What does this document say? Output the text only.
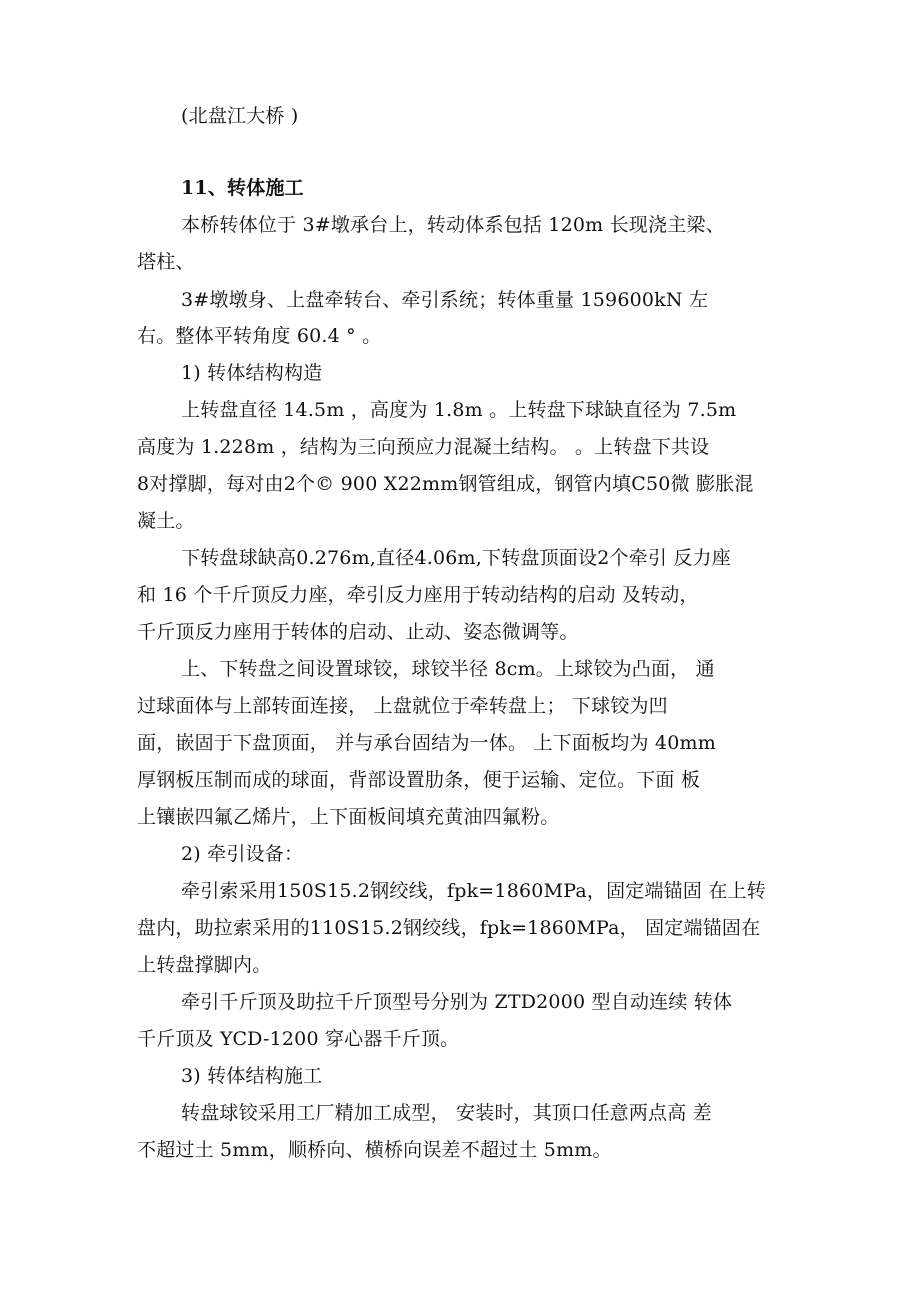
(北盘江大桥 )
11、转体施工
本桥转体位于 3#墩承台上，转动体系包括 120m 长现浇主梁、
塔柱、
3#墩墩身、上盘牵转台、牵引系统；转体重量 159600kN 左
右。整体平转角度 60.4 ° 。
1) 转体结构构造
上转盘直径 14.5m ，高度为 1.8m 。上转盘下球缺直径为 7.5m
高度为 1.228m ，结构为三向预应力混凝土结构。 。上转盘下共设
8对撑脚，每对由2个© 900 X22mm钢管组成，钢管内填C50微 膨胀混
凝土。
下转盘球缺高0.276m,直径4.06m,下转盘顶面设2个牵引 反力座
和 16 个千斤顶反力座，牵引反力座用于转动结构的启动 及转动，
千斤顶反力座用于转体的启动、止动、姿态微调等。
上、下转盘之间设置球铰，球铰半径 8cm。上球铰为凸面， 通
过球面体与上部转面连接， 上盘就位于牵转盘上； 下球铰为凹
面，嵌固于下盘顶面， 并与承台固结为一体。 上下面板均为 40mm
厚钢板压制而成的球面，背部设置肋条，便于运输、定位。下面 板
上镶嵌四氟乙烯片，上下面板间填充黄油四氟粉。
2) 牵引设备：
牵引索采用150S15.2钢绞线，fpk=1860MPa，固定端锚固 在上转
盘内，助拉索采用的110S15.2钢绞线，fpk=1860MPa， 固定端锚固在
上转盘撑脚内。
牵引千斤顶及助拉千斤顶型号分别为 ZTD2000 型自动连续 转体
千斤顶及 YCD-1200 穿心器千斤顶。
3) 转体结构施工
转盘球铰采用工厂精加工成型， 安装时，其顶口任意两点高 差
不超过土 5mm，顺桥向、横桥向误差不超过土 5mm。
